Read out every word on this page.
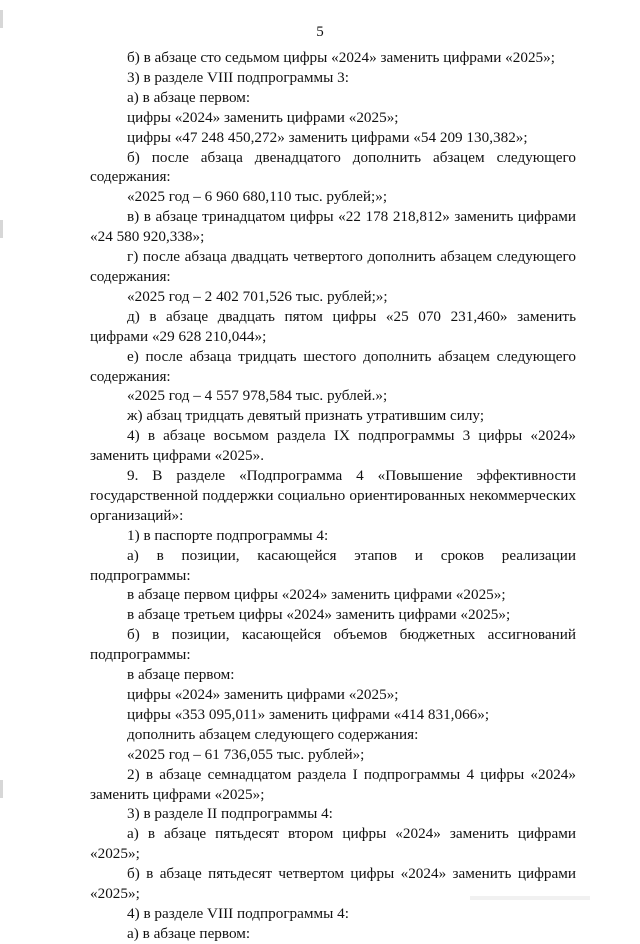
5

б) в абзаце сто седьмом цифры «2024» заменить цифрами «2025»;

3) в разделе VIII подпрограммы 3:

а) в абзаце первом:

цифры «2024» заменить цифрами «2025»;

цифры «47 248 450,272» заменить цифрами «54 209 130,382»;

б) после абзаца двенадцатого дополнить абзацем следующего содержания:

«2025 год – 6 960 680,110 тыс. рублей;»;

в) в абзаце тринадцатом цифры «22 178 218,812» заменить цифрами «24 580 920,338»;

г) после абзаца двадцать четвертого дополнить абзацем следующего содержания:

«2025 год – 2 402 701,526 тыс. рублей;»;

д) в абзаце двадцать пятом цифры «25 070 231,460» заменить цифрами «29 628 210,044»;

е) после абзаца тридцать шестого дополнить абзацем следующего содержания:

«2025 год – 4 557 978,584 тыс. рублей.»;

ж) абзац тридцать девятый признать утратившим силу;

4) в абзаце восьмом раздела IX подпрограммы 3 цифры «2024» заменить цифрами «2025».

9. В разделе «Подпрограмма 4 «Повышение эффективности государственной поддержки социально ориентированных некоммерческих организаций»:

1) в паспорте подпрограммы 4:

а) в позиции, касающейся этапов и сроков реализации подпрограммы:

в абзаце первом цифры «2024» заменить цифрами «2025»;

в абзаце третьем цифры «2024» заменить цифрами «2025»;

б) в позиции, касающейся объемов бюджетных ассигнований подпрограммы:

в абзаце первом:

цифры «2024» заменить цифрами «2025»;

цифры «353 095,011» заменить цифрами «414 831,066»;

дополнить абзацем следующего содержания:

«2025 год – 61 736,055 тыс. рублей»;

2) в абзаце семнадцатом раздела I подпрограммы 4 цифры «2024» заменить цифрами «2025»;

3) в разделе II подпрограммы 4:

а) в абзаце пятьдесят втором цифры «2024» заменить цифрами «2025»;

б) в абзаце пятьдесят четвертом цифры «2024» заменить цифрами «2025»;

4) в разделе VIII подпрограммы 4:

а) в абзаце первом:
